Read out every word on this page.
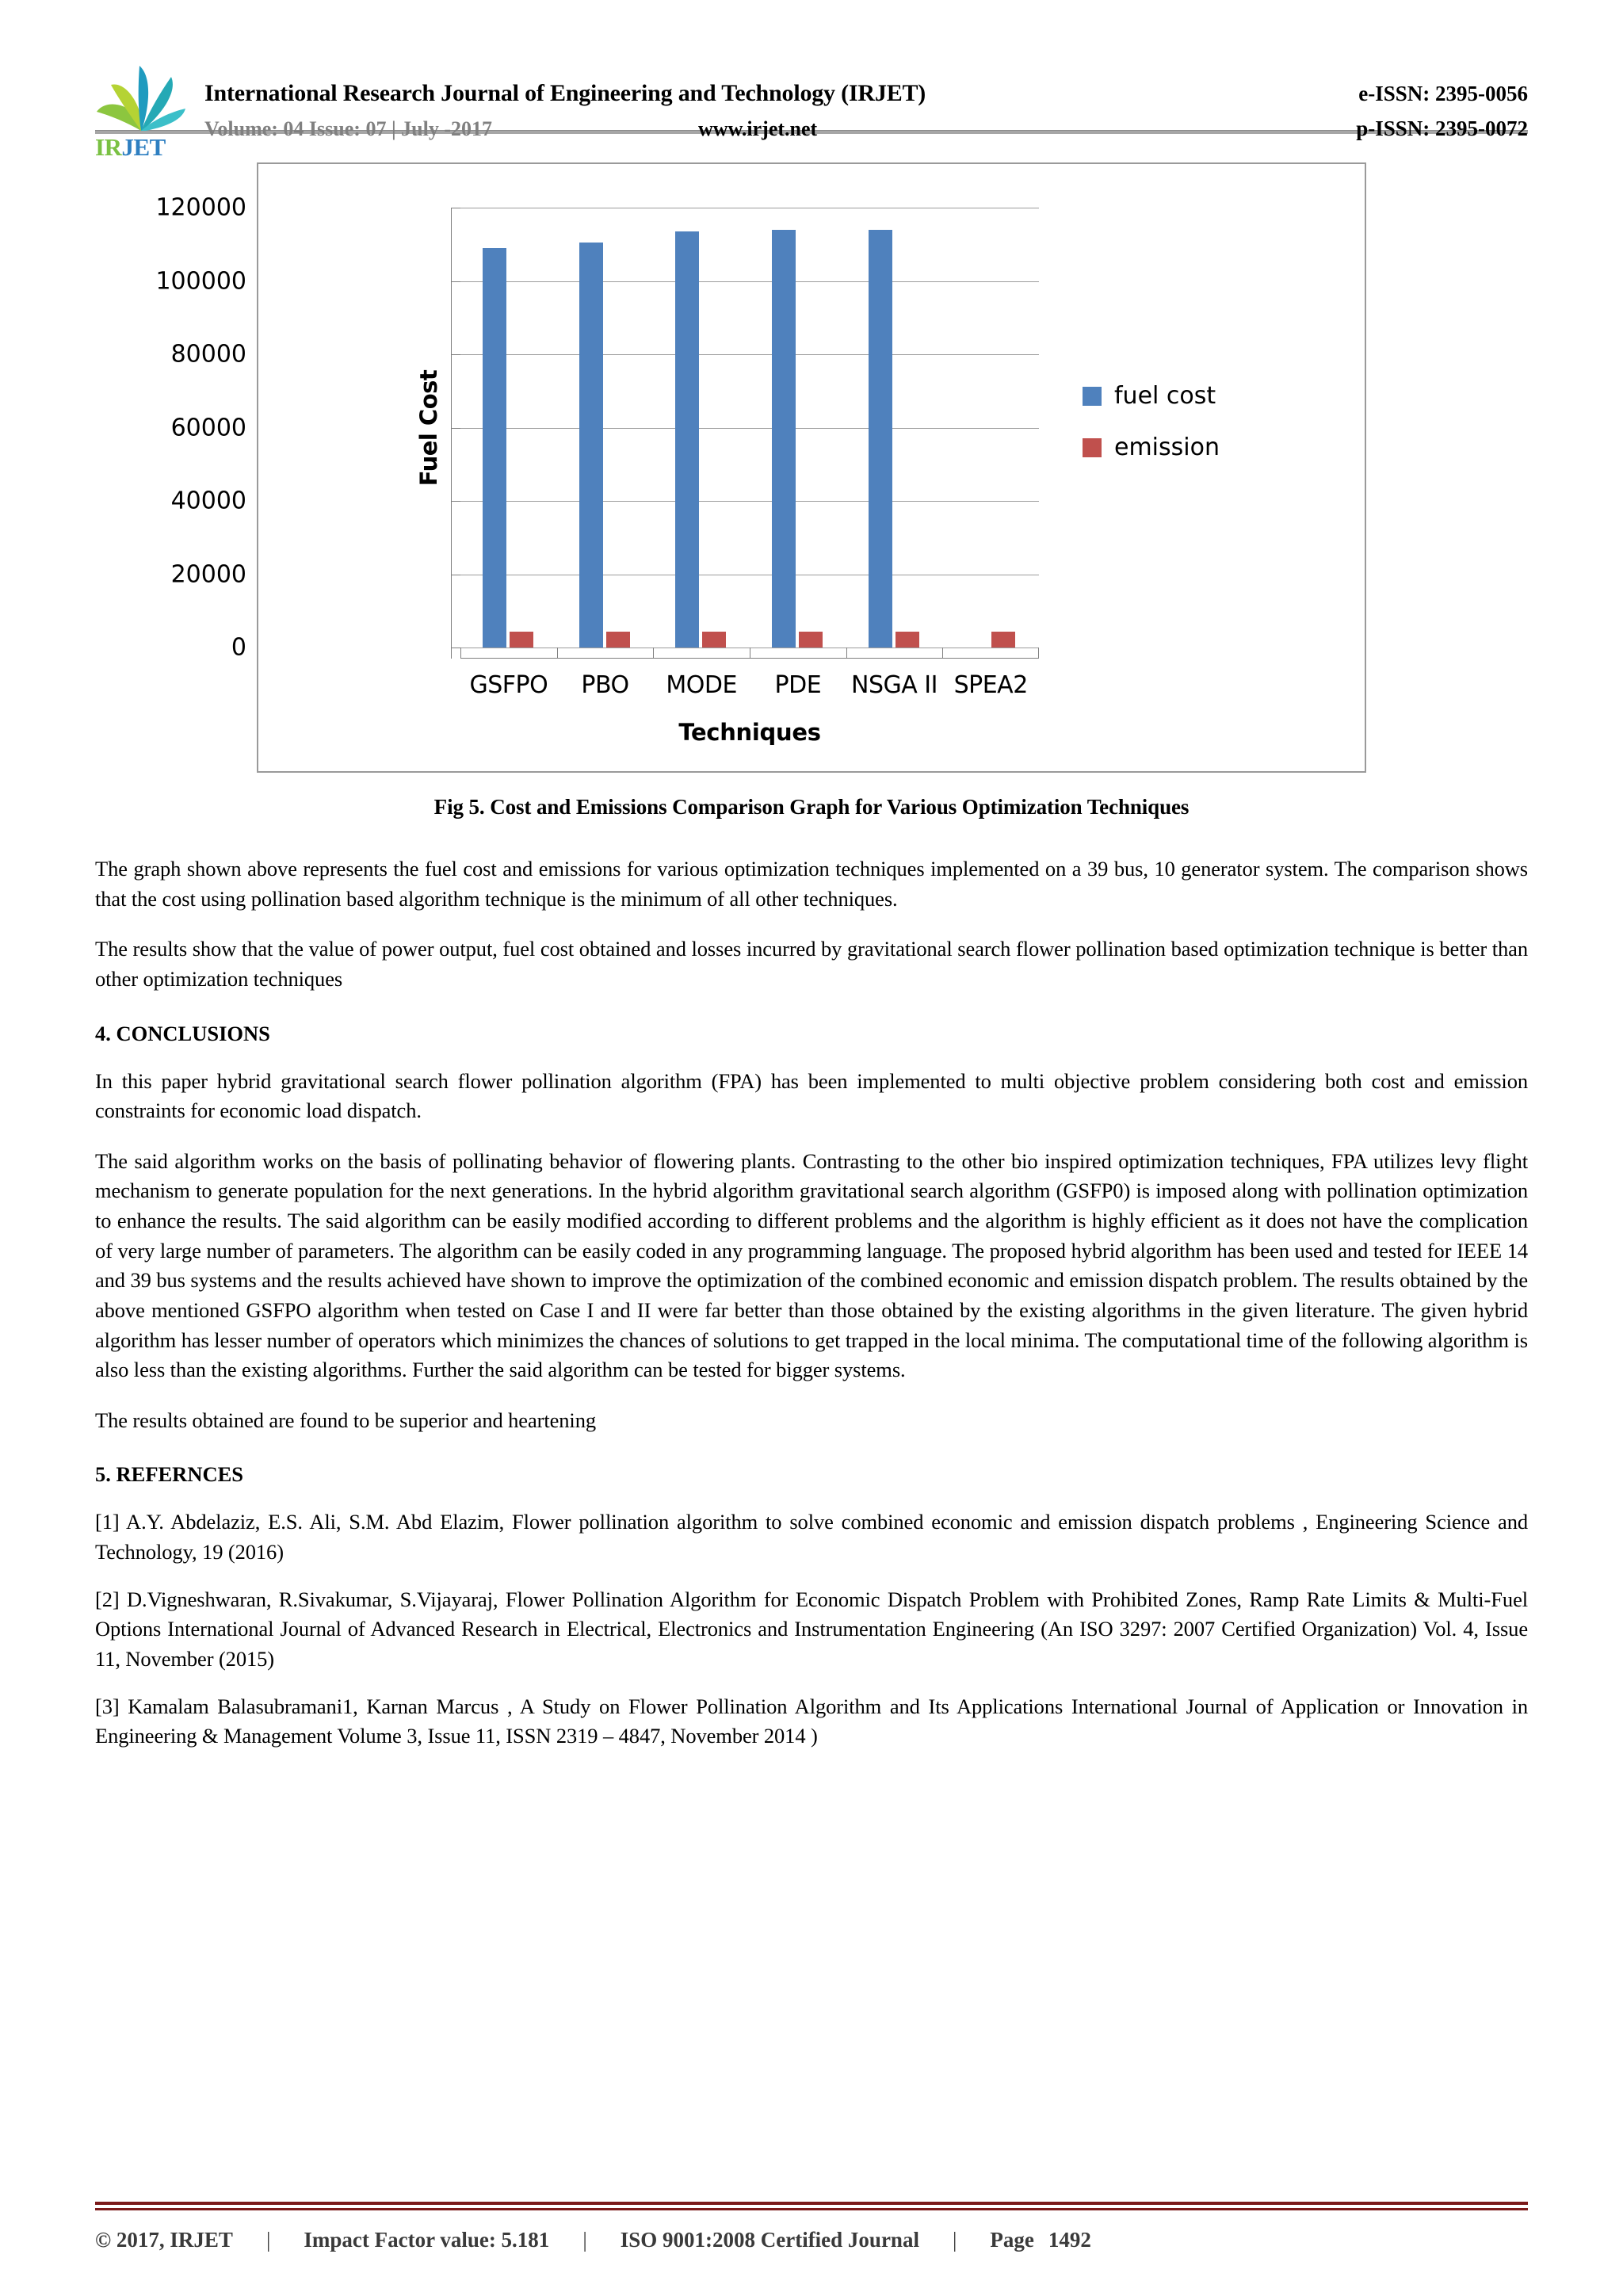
IRJET
International Research Journal of Engineering and Technology (IRJET)	e-ISSN: 2395-0056
Volume: 04 Issue: 07 | July -2017	www.irjet.net	p-ISSN: 2395-0072
0
20000
40000
60000
80000
100000
120000
Fuel Cost
GSFPO	PBO	MODE	PDE	NSGA II SPEA2
Techniques
fuel cost
emission
Fig 5. Cost and Emissions Comparison Graph for Various Optimization Techniques

The graph shown above represents the fuel cost and emissions for various optimization techniques implemented on a 39 bus, 10 generator system. The comparison shows that the cost using pollination based algorithm technique is the minimum of all other techniques.

The results show that the value of power output, fuel cost obtained and losses incurred by gravitational search flower pollination based optimization technique is better than other optimization techniques

4. CONCLUSIONS

In this paper hybrid gravitational search flower pollination algorithm (FPA) has been implemented to multi objective problem considering both cost and emission constraints for economic load dispatch.

The said algorithm works on the basis of pollinating behavior of flowering plants. Contrasting to the other bio inspired optimization techniques, FPA utilizes levy flight mechanism to generate population for the next generations. In the hybrid algorithm gravitational search algorithm (GSFP0) is imposed along with pollination optimization to enhance the results. The said algorithm can be easily modified according to different problems and the algorithm is highly efficient as it does not have the complication of very large number of parameters. The algorithm can be easily coded in any programming language. The proposed hybrid algorithm has been used and tested for IEEE 14 and 39 bus systems and the results achieved have shown to improve the optimization of the combined economic and emission dispatch problem. The results obtained by the above mentioned GSFPO algorithm when tested on Case I and II were far better than those obtained by the existing algorithms in the given literature. The given hybrid algorithm has lesser number of operators which minimizes the chances of solutions to get trapped in the local minima. The computational time of the following algorithm is also less than the existing algorithms. Further the said algorithm can be tested for bigger systems.

The results obtained are found to be superior and heartening

5. REFERNCES

[1] A.Y. Abdelaziz, E.S. Ali, S.M. Abd Elazim, Flower pollination algorithm to solve combined economic and emission dispatch problems , Engineering Science and Technology, 19 (2016)

[2] D.Vigneshwaran, R.Sivakumar, S.Vijayaraj, Flower Pollination Algorithm for Economic Dispatch Problem with Prohibited Zones, Ramp Rate Limits & Multi-Fuel Options International Journal of Advanced Research in Electrical, Electronics and Instrumentation Engineering (An ISO 3297: 2007 Certified Organization) Vol. 4, Issue 11, November (2015)

[3] Kamalam Balasubramani1, Karnan Marcus , A Study on Flower Pollination Algorithm and Its Applications International Journal of Application or Innovation in Engineering & Management Volume 3, Issue 11, ISSN 2319 – 4847, November 2014 )

© 2017, IRJET	|	Impact Factor value: 5.181	|	ISO 9001:2008 Certified Journal	|	Page 1492
